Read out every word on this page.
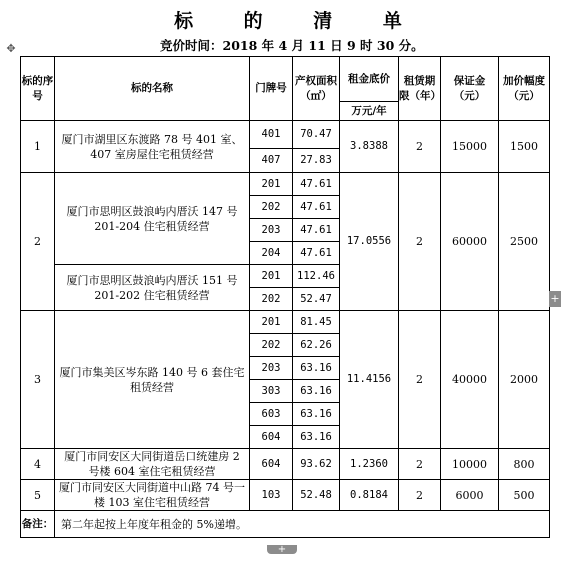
标 的 清 单
竞价时间：2018 年 4 月 11 日 9 时 30 分。
✥
标的序号	标的名称	门牌号	产权面积（㎡）	租金底价	租赁期限（年）	保证金（元）	加价幅度（元）
				万元/年			
1	厦门市湖里区东渡路 78 号 401 室、407 室房屋住宅租赁经营	401	70.47	3.8388	2	15000	1500
		407	27.83				
2	厦门市思明区鼓浪屿内厝沃 147 号 201-204 住宅租赁经营	201	47.61	17.0556	2	60000	2500
		202	47.61				
		203	47.61				
		204	47.61				
	厦门市思明区鼓浪屿内厝沃 151 号 201-202 住宅租赁经营	201	112.46				
		202	52.47				
3	厦门市集美区岑东路 140 号 6 套住宅租赁经营	201	81.45	11.4156	2	40000	2000
		202	62.26				
		203	63.16				
		303	63.16				
		603	63.16				
		604	63.16				
4	厦门市同安区大同街道岳口统建房 2 号楼 604 室住宅租赁经营	604	93.62	1.2360	2	10000	800
5	厦门市同安区大同街道中山路 74 号一楼 103 室住宅租赁经营	103	52.48	0.8184	2	6000	500
备注：	第二年起按上年度年租金的 5%递增。						
+
+
